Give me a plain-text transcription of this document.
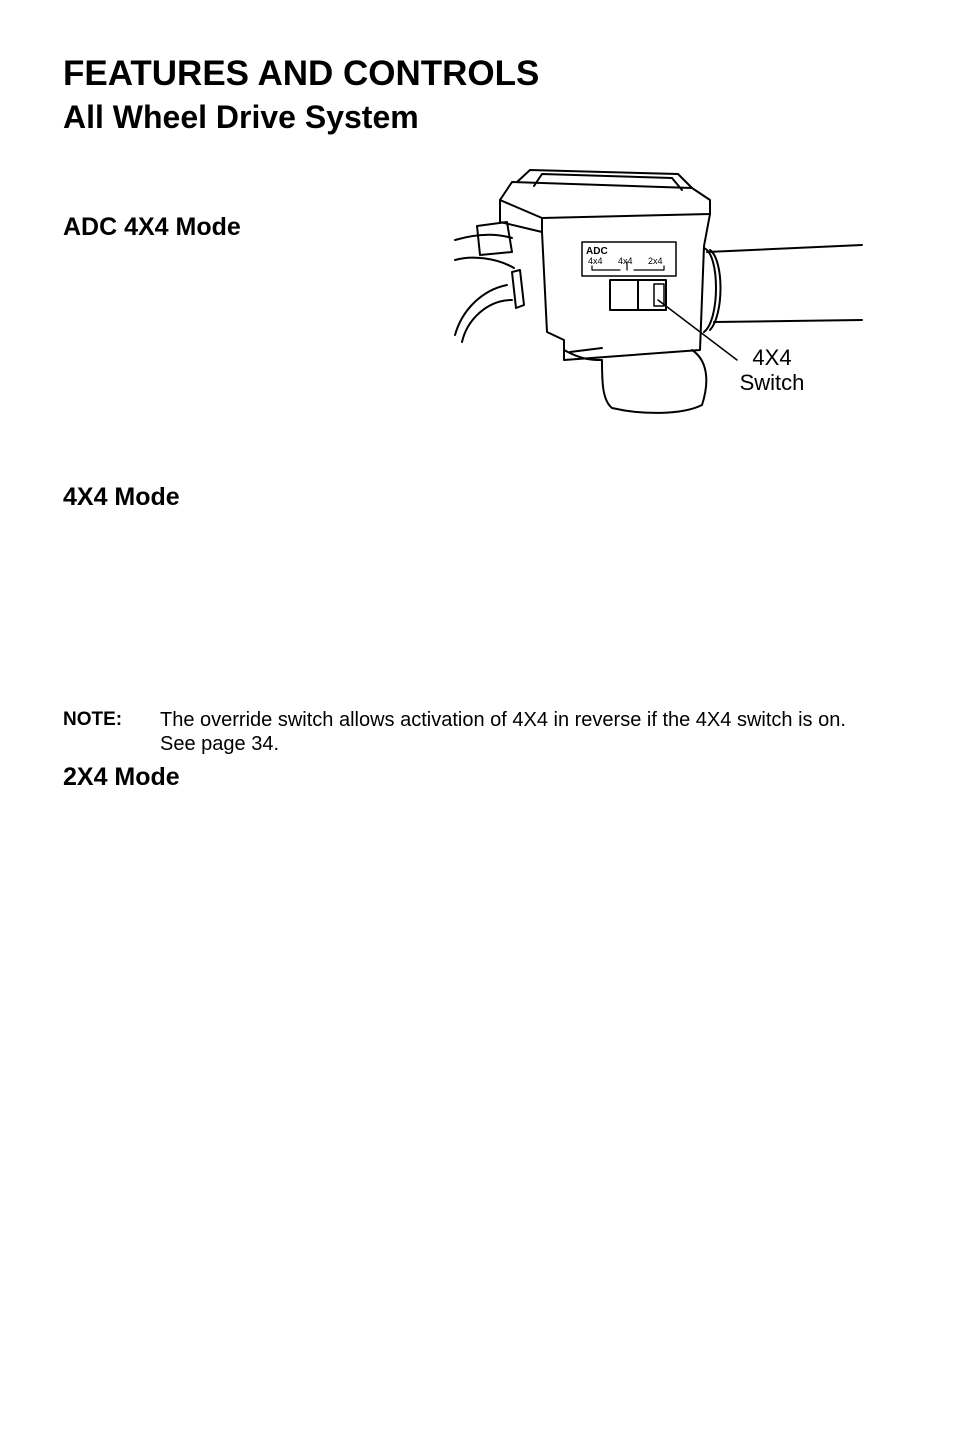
FEATURES AND CONTROLS
All Wheel Drive System
ADC 4X4 Mode
ADC
4x4 4x4 2x4
4X4
Switch
4X4 Mode
NOTE: The override switch allows activation of 4X4 in reverse if the 4X4 switch is on. See page 34.
2X4 Mode
